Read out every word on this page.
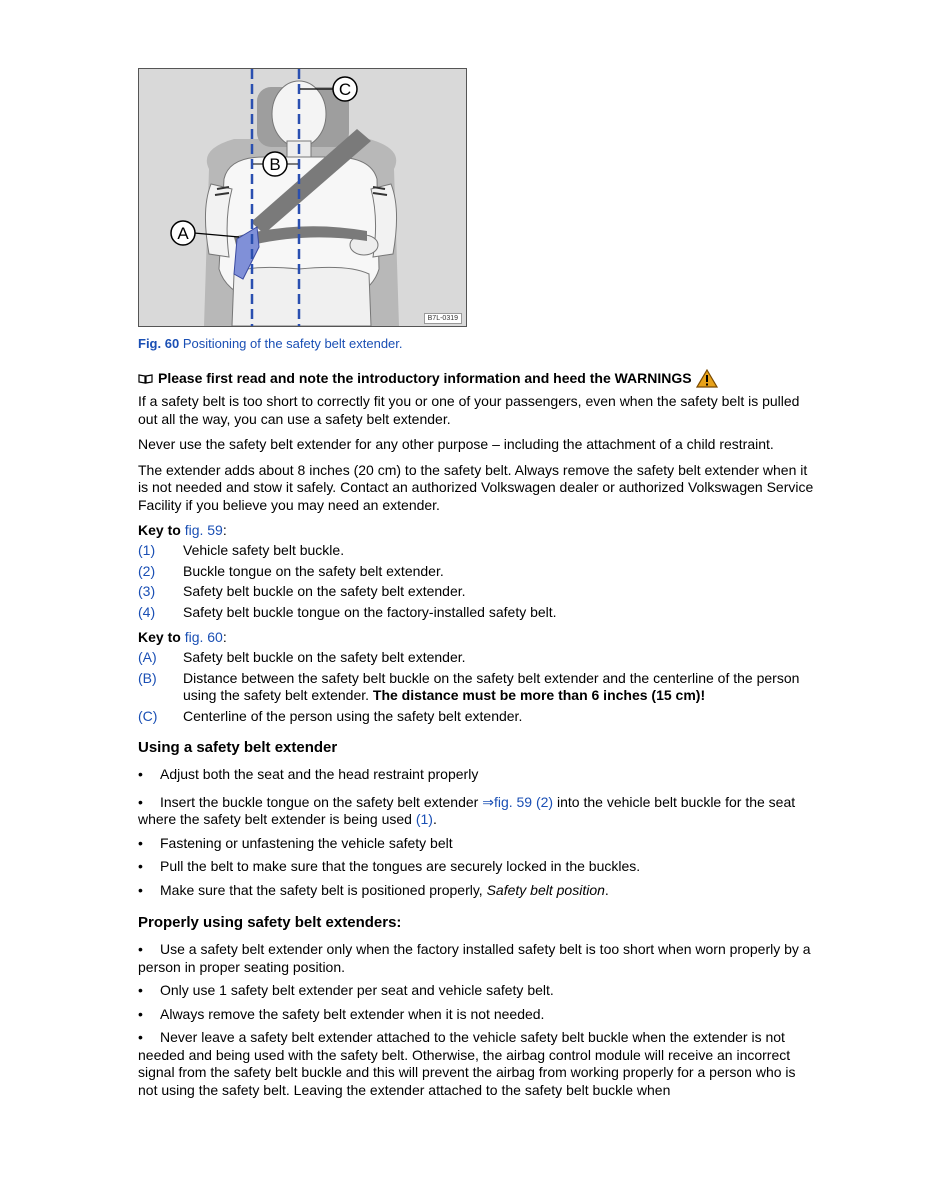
A
B
C
B7L-0319
Fig. 60 Positioning of the safety belt extender.
Please first read and note the introductory information and heed the WARNINGS

If a safety belt is too short to correctly fit you or one of your passengers, even when the safety belt is pulled out all the way, you can use a safety belt extender.

Never use the safety belt extender for any other purpose – including the attachment of a child restraint.

The extender adds about 8 inches (20 cm) to the safety belt. Always remove the safety belt extender when it is not needed and stow it safely. Contact an authorized Volkswagen dealer or authorized Volkswagen Service Facility if you believe you may need an extender.

Key to fig. 59:
(1)	Vehicle safety belt buckle.
(2)	Buckle tongue on the safety belt extender.
(3)	Safety belt buckle on the safety belt extender.
(4)	Safety belt buckle tongue on the factory-installed safety belt.
Key to fig. 60:
(A)	Safety belt buckle on the safety belt extender.
(B)	Distance between the safety belt buckle on the safety belt extender and the centerline of the person using the safety belt extender. The distance must be more than 6 inches (15 cm)!
(C)	Centerline of the person using the safety belt extender.
Using a safety belt extender
• Adjust both the seat and the head restraint properly
• Insert the buckle tongue on the safety belt extender ⇒fig. 59 (2) into the vehicle belt buckle for the seat where the safety belt extender is being used (1).
• Fastening or unfastening the vehicle safety belt
• Pull the belt to make sure that the tongues are securely locked in the buckles.
• Make sure that the safety belt is positioned properly, Safety belt position.
Properly using safety belt extenders:
• Use a safety belt extender only when the factory installed safety belt is too short when worn properly by a person in proper seating position.
• Only use 1 safety belt extender per seat and vehicle safety belt.
• Always remove the safety belt extender when it is not needed.
• Never leave a safety belt extender attached to the vehicle safety belt buckle when the extender is not needed and being used with the safety belt. Otherwise, the airbag control module will receive an incorrect signal from the safety belt buckle and this will prevent the airbag from working properly for a person who is not using the safety belt. Leaving the extender attached to the safety belt buckle when
